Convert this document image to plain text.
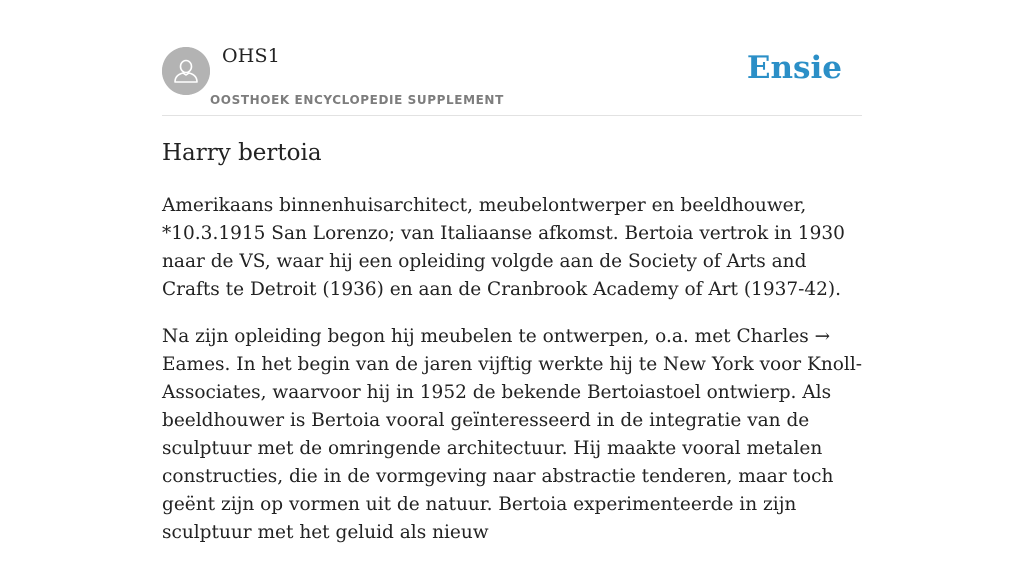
OHS1
OOSTHOEK ENCYCLOPEDIE SUPPLEMENT
Ensie
Harry bertoia

Amerikaans binnenhuisarchitect, meubelontwerper en beeldhouwer, *10.3.1915 San Lorenzo; van Italiaanse afkomst. Bertoia vertrok in 1930 naar de VS, waar hij een opleiding volgde aan de Society of Arts and Crafts te Detroit (1936) en aan de Cranbrook Academy of Art (1937-42).

Na zijn opleiding begon hij meubelen te ontwerpen, o.a. met Charles → Eames. In het begin van de jaren vijftig werkte hij te New York voor Knoll-Associates, waarvoor hij in 1952 de bekende Bertoiastoel ontwierp. Als beeldhouwer is Bertoia vooral geïnteresseerd in de integratie van de sculptuur met de omringende architectuur. Hij maakte vooral metalen constructies, die in de vormgeving naar abstractie tenderen, maar toch geënt zijn op vormen uit de natuur. Bertoia experimenteerde in zijn sculptuur met het geluid als nieuw
